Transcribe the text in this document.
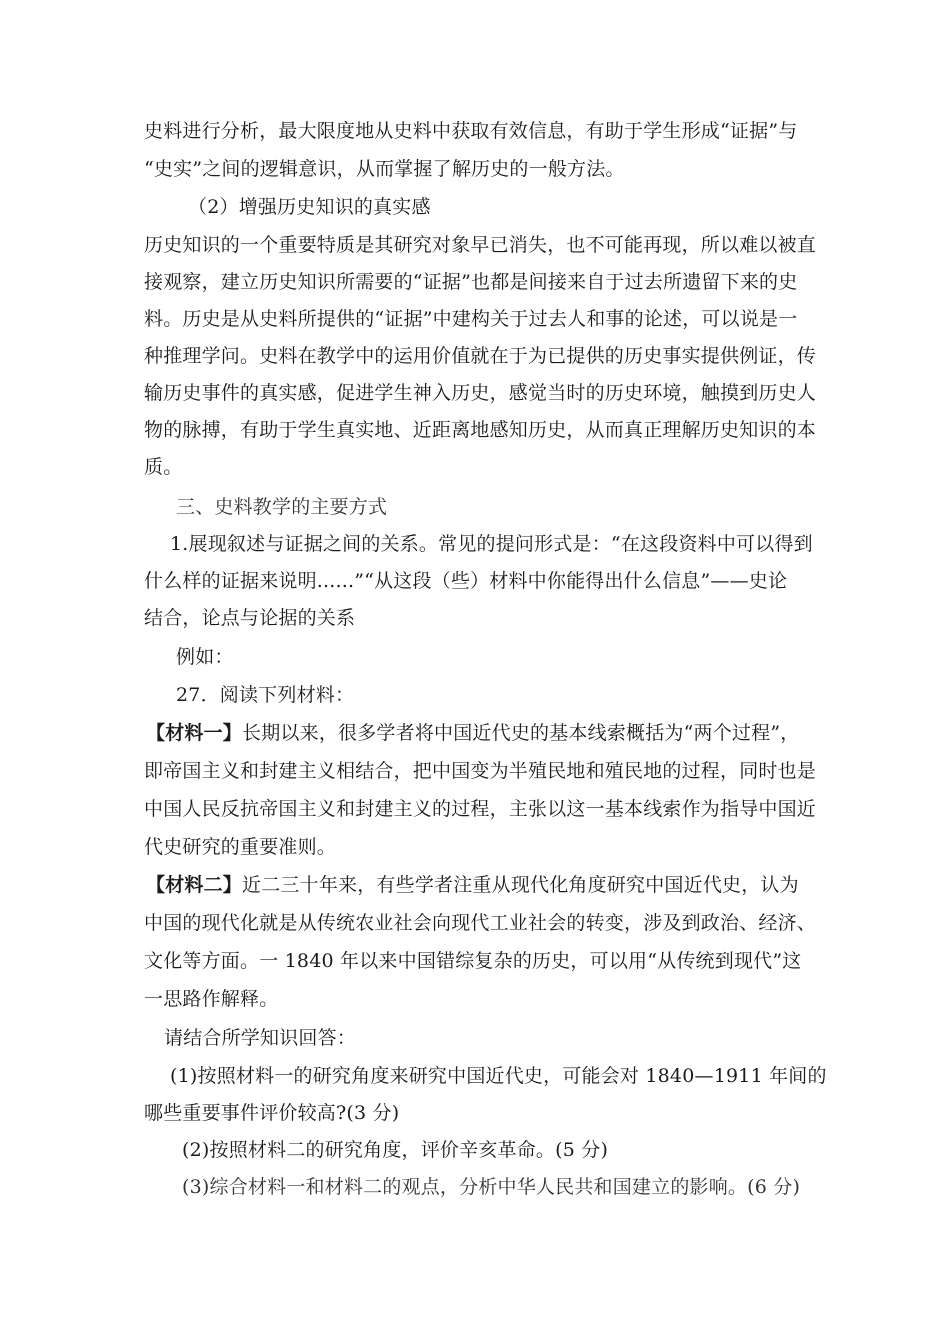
史料进行分析，最大限度地从史料中获取有效信息，有助于学生形成“证据”与
“史实”之间的逻辑意识，从而掌握了解历史的一般方法。
（2）增强历史知识的真实感
历史知识的一个重要特质是其研究对象早已消失，也不可能再现，所以难以被直
接观察，建立历史知识所需要的“证据”也都是间接来自于过去所遗留下来的史
料。历史是从史料所提供的“证据”中建构关于过去人和事的论述，可以说是一
种推理学问。史料在教学中的运用价值就在于为已提供的历史事实提供例证，传
输历史事件的真实感，促进学生神入历史，感觉当时的历史环境，触摸到历史人
物的脉搏，有助于学生真实地、近距离地感知历史，从而真正理解历史知识的本
质。
三、史料教学的主要方式
1.展现叙述与证据之间的关系。常见的提问形式是：“在这段资料中可以得到
什么样的证据来说明......”“从这段（些）材料中你能得出什么信息”——史论
结合，论点与论据的关系
例如：
27．阅读下列材料：
【材料一】长期以来，很多学者将中国近代史的基本线索概括为“两个过程”，
即帝国主义和封建主义相结合，把中国变为半殖民地和殖民地的过程，同时也是
中国人民反抗帝国主义和封建主义的过程，主张以这一基本线索作为指导中国近
代史研究的重要准则。
【材料二】近二三十年来，有些学者注重从现代化角度研究中国近代史，认为
中国的现代化就是从传统农业社会向现代工业社会的转变，涉及到政治、经济、
文化等方面。一 1840 年以来中国错综复杂的历史，可以用“从传统到现代”这
一思路作解释。
请结合所学知识回答：
(1)按照材料一的研究角度来研究中国近代史，可能会对 1840—1911 年间的
哪些重要事件评价较高?(3 分)
(2)按照材料二的研究角度，评价辛亥革命。(5 分)
(3)综合材料一和材料二的观点，分析中华人民共和国建立的影响。(6 分)
